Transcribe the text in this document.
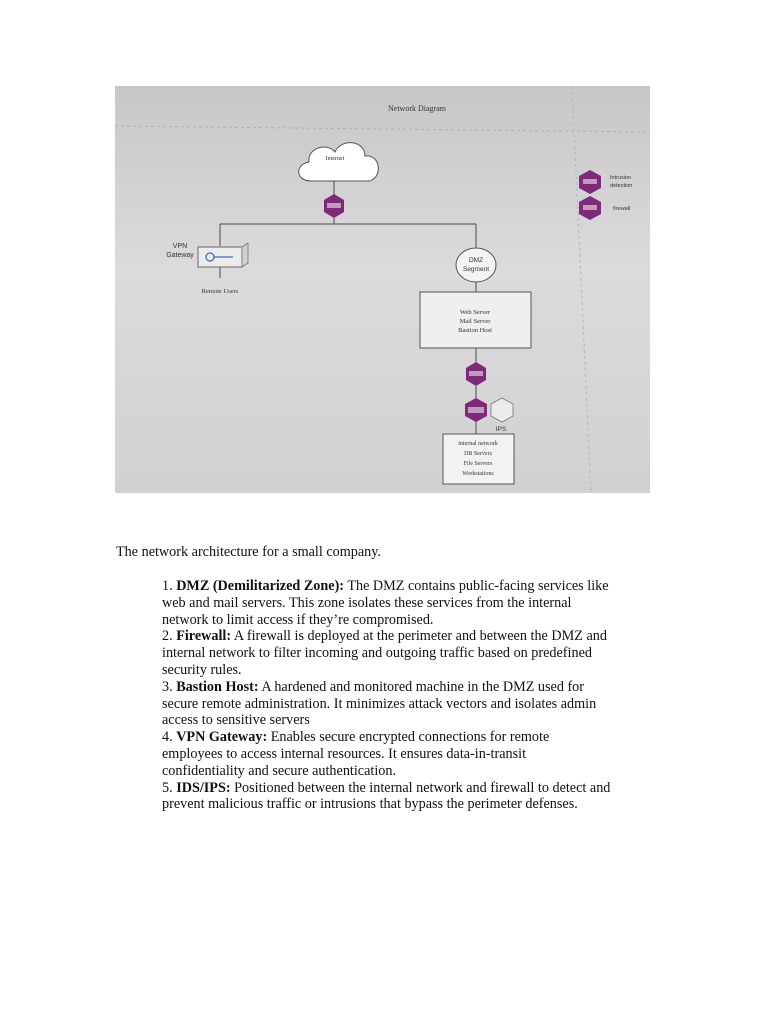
Network Diagram
Internet
VPN
Gateway
Remote Users
DMZ
Segment
Web Server
Mail Server
Bastion Host
IPS
internal network
DB Servers
File Servers
Workstations
Intrusion
detection
firewall

The network architecture for a small company.

1. DMZ (Demilitarized Zone): The DMZ contains public-facing services like
web and mail servers. This zone isolates these services from the internal
network to limit access if they’re compromised.

2. Firewall: A firewall is deployed at the perimeter and between the DMZ and
internal network to filter incoming and outgoing traffic based on predefined
security rules.

3. Bastion Host: A hardened and monitored machine in the DMZ used for
secure remote administration. It minimizes attack vectors and isolates admin
access to sensitive servers

4. VPN Gateway: Enables secure encrypted connections for remote
employees to access internal resources. It ensures data-in-transit
confidentiality and secure authentication.

5. IDS/IPS: Positioned between the internal network and firewall to detect and
prevent malicious traffic or intrusions that bypass the perimeter defenses.
